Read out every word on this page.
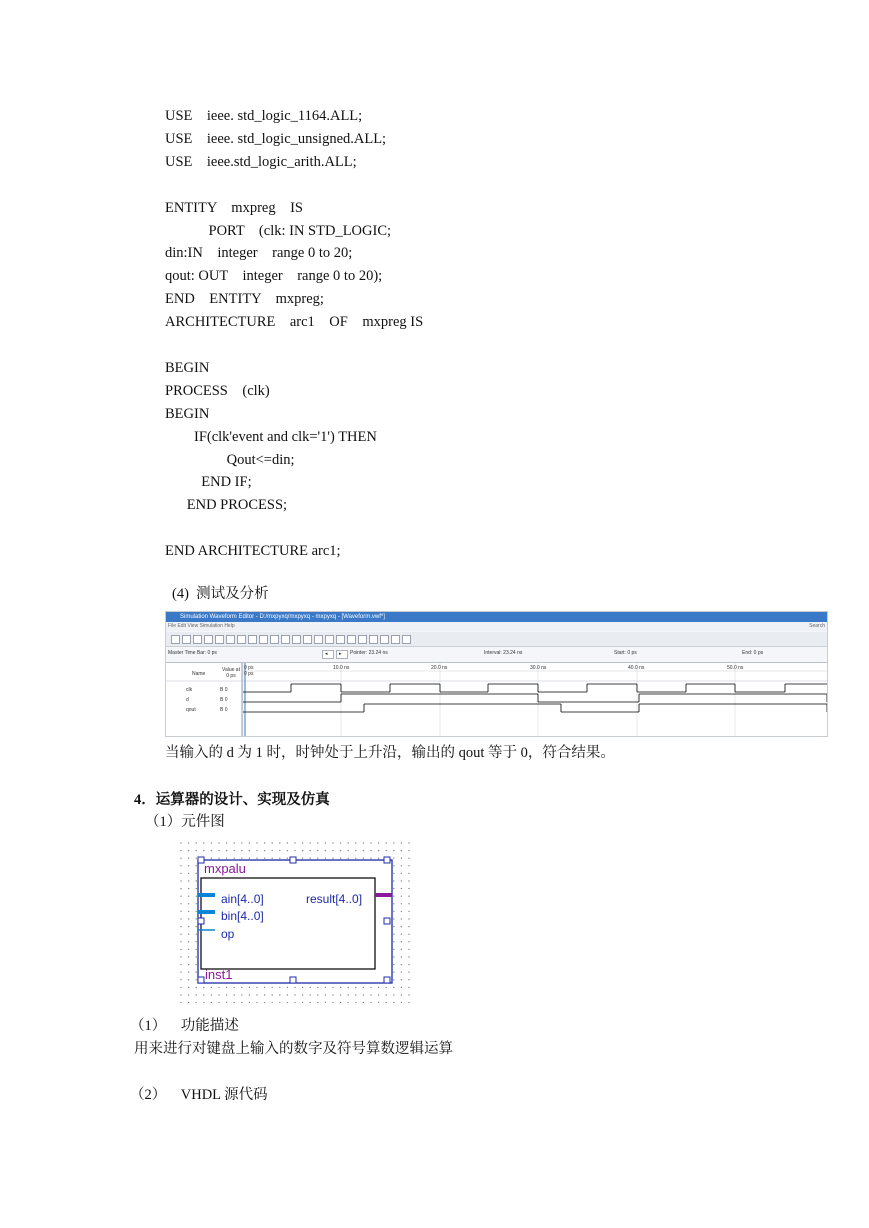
USE    ieee. std_logic_1164.ALL;
USE    ieee. std_logic_unsigned.ALL;
USE    ieee.std_logic_arith.ALL;
ENTITY    mxpreg    IS
PORT    (clk: IN STD_LOGIC;
din:IN    integer    range 0 to 20;
qout: OUT    integer    range 0 to 20);
END    ENTITY    mxpreg;
ARCHITECTURE    arc1    OF    mxpreg IS
BEGIN
PROCESS    (clk)
BEGIN
IF(clk'event and clk='1') THEN
Qout<=din;
END IF;
END PROCESS;
END ARCHITECTURE arc1;
(4)  测试及分析
Simulation Waveform Editor - D:/mxpyxq/mxpyxq - mxpyxq - [Waveform.vwf*]
File Edit View Simulation Help	Search
Master Time Bar: 0 ps	◂	▸	Pointer: 23.24 ns	Interval: 23.24 ns	Start: 0 ps	End: 0 ps
Name
Value at 0 ps
0 ps	10.0 ns	20.0 ns	30.0 ns	40.0 ns	50.0 ns
0 ps
clk	B 0
d	B 0
qout	B 0
当输入的 d 为 1 时，时钟处于上升沿，输出的 qout 等于 0，符合结果。
4．运算器的设计、实现及仿真
（1）元件图
mxpalu
ain[4..0]
bin[4..0]
op
result[4..0]
inst1
（1）    功能描述
用来进行对键盘上输入的数字及符号算数逻辑运算
（2）    VHDL 源代码
